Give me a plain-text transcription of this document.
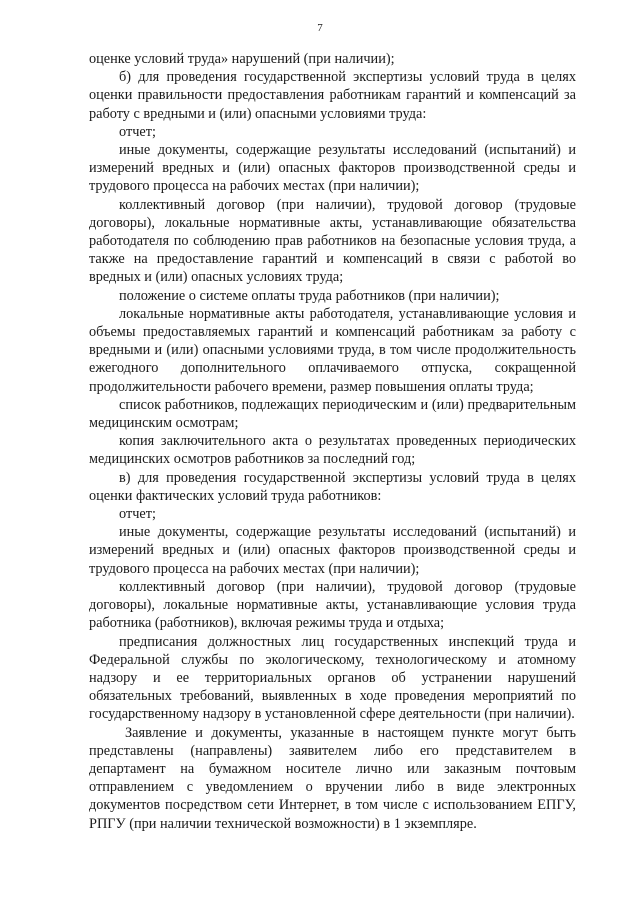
7

оценке условий труда» нарушений (при наличии);

б) для проведения государственной экспертизы условий труда в целях оценки правильности предоставления работникам гарантий и компенсаций за работу с вредными и (или) опасными условиями труда:

отчет;

иные документы, содержащие результаты исследований (испытаний) и измерений вредных и (или) опасных факторов производственной среды и трудового процесса на рабочих местах (при наличии);

коллективный договор (при наличии), трудовой договор (трудовые договоры), локальные нормативные акты, устанавливающие обязательства работодателя по соблюдению прав работников на безопасные условия труда, а также на предоставление гарантий и компенсаций в связи с работой во вредных и (или) опасных условиях труда;

положение о системе оплаты труда работников (при наличии);

локальные нормативные акты работодателя, устанавливающие условия и объемы предоставляемых гарантий и компенсаций работникам за работу с вредными и (или) опасными условиями труда, в том числе продолжительность ежегодного дополнительного оплачиваемого отпуска, сокращенной продолжительности рабочего времени, размер повышения оплаты труда;

список работников, подлежащих периодическим и (или) предварительным медицинским осмотрам;

копия заключительного акта о результатах проведенных периодических медицинских осмотров работников за последний год;

в) для проведения государственной экспертизы условий труда в целях оценки фактических условий труда работников:

отчет;

иные документы, содержащие результаты исследований (испытаний) и измерений вредных и (или) опасных факторов производственной среды и трудового процесса на рабочих местах (при наличии);

коллективный договор (при наличии), трудовой договор (трудовые договоры), локальные нормативные акты, устанавливающие условия труда работника (работников), включая режимы труда и отдыха;

предписания должностных лиц государственных инспекций труда и Федеральной службы по экологическому, технологическому и атомному надзору и ее территориальных органов об устранении нарушений обязательных требований, выявленных в ходе проведения мероприятий по государственному надзору в установленной сфере деятельности (при наличии).

Заявление и документы, указанные в настоящем пункте могут быть представлены (направлены) заявителем либо его представителем в департамент на бумажном носителе лично или заказным почтовым отправлением с уведомлением о вручении либо в виде электронных документов посредством сети Интернет, в том числе с использованием ЕПГУ, РПГУ (при наличии технической возможности) в 1 экземпляре.
